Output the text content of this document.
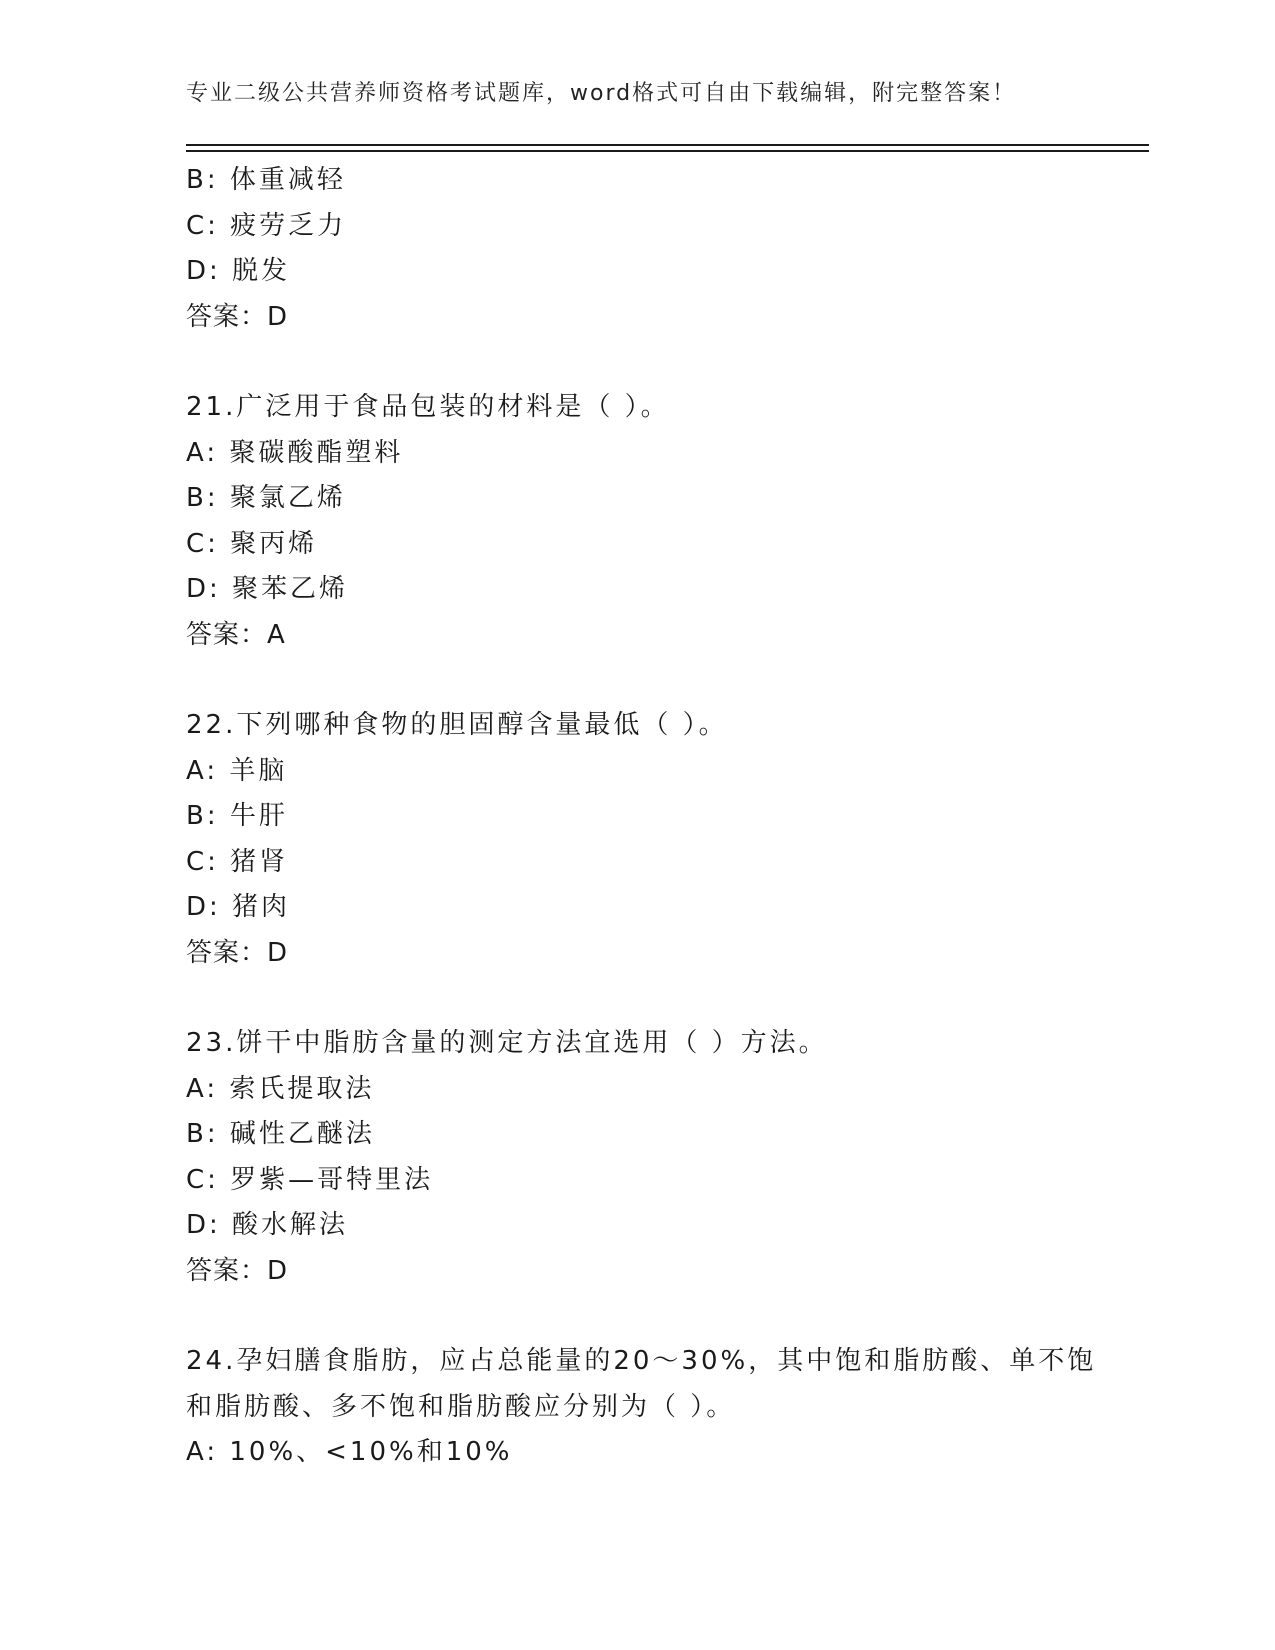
专业二级公共营养师资格考试题库，word格式可自由下载编辑，附完整答案！
B: 体重减轻
C: 疲劳乏力
D: 脱发
答案：D
21.广泛用于食品包装的材料是（ ）。
A: 聚碳酸酯塑料
B: 聚氯乙烯
C: 聚丙烯
D: 聚苯乙烯
答案：A
22.下列哪种食物的胆固醇含量最低（ ）。
A: 羊脑
B: 牛肝
C: 猪肾
D: 猪肉
答案：D
23.饼干中脂肪含量的测定方法宜选用（ ）方法。
A: 索氏提取法
B: 碱性乙醚法
C: 罗紫—哥特里法
D: 酸水解法
答案：D
24.孕妇膳食脂肪，应占总能量的20～30%，其中饱和脂肪酸、单不饱
和脂肪酸、多不饱和脂肪酸应分别为（ ）。
A: 10%、<10%和10%
